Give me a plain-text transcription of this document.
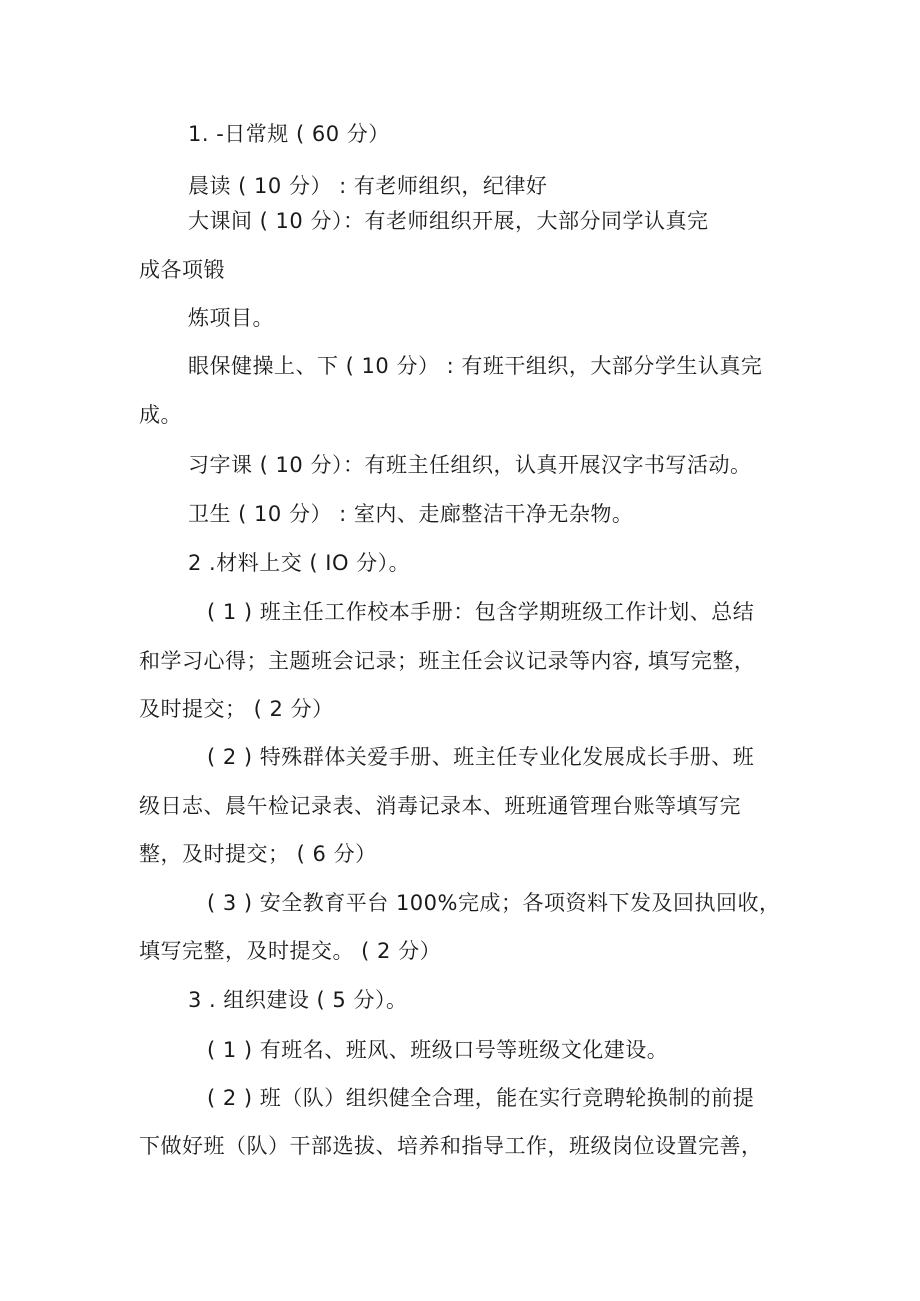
1. -日常规 ( 60 分）

晨读 ( 10 分） : 有老师组织，纪律好

大课间 ( 10 分）：有老师组织开展，大部分同学认真完

成各项锻

炼项目。

眼保健操上、下 ( 10 分） : 有班干组织，大部分学生认真完

成。

习字课 ( 10 分）：有班主任组织，认真开展汉字书写活动。

卫生 ( 10 分） : 室内、走廊整洁干净无杂物。

2 .材料上交 ( IO 分）。

( 1 ) 班主任工作校本手册：包含学期班级工作计划、总结

和学习心得；主题班会记录；班主任会议记录等内容, 填写完整，

及时提交； ( 2 分）

( 2 ) 特殊群体关爱手册、班主任专业化发展成长手册、班

级日志、晨午检记录表、消毒记录本、班班通管理台账等填写完

整，及时提交； ( 6 分）

( 3 ) 安全教育平台 100%完成；各项资料下发及回执回收，

填写完整，及时提交。 ( 2 分）

3 . 组织建设 ( 5 分）。

( 1 ) 有班名、班风、班级口号等班级文化建设。

( 2 ) 班（队）组织健全合理，能在实行竞聘轮换制的前提

下做好班（队）干部选拔、培养和指导工作，班级岗位设置完善，
